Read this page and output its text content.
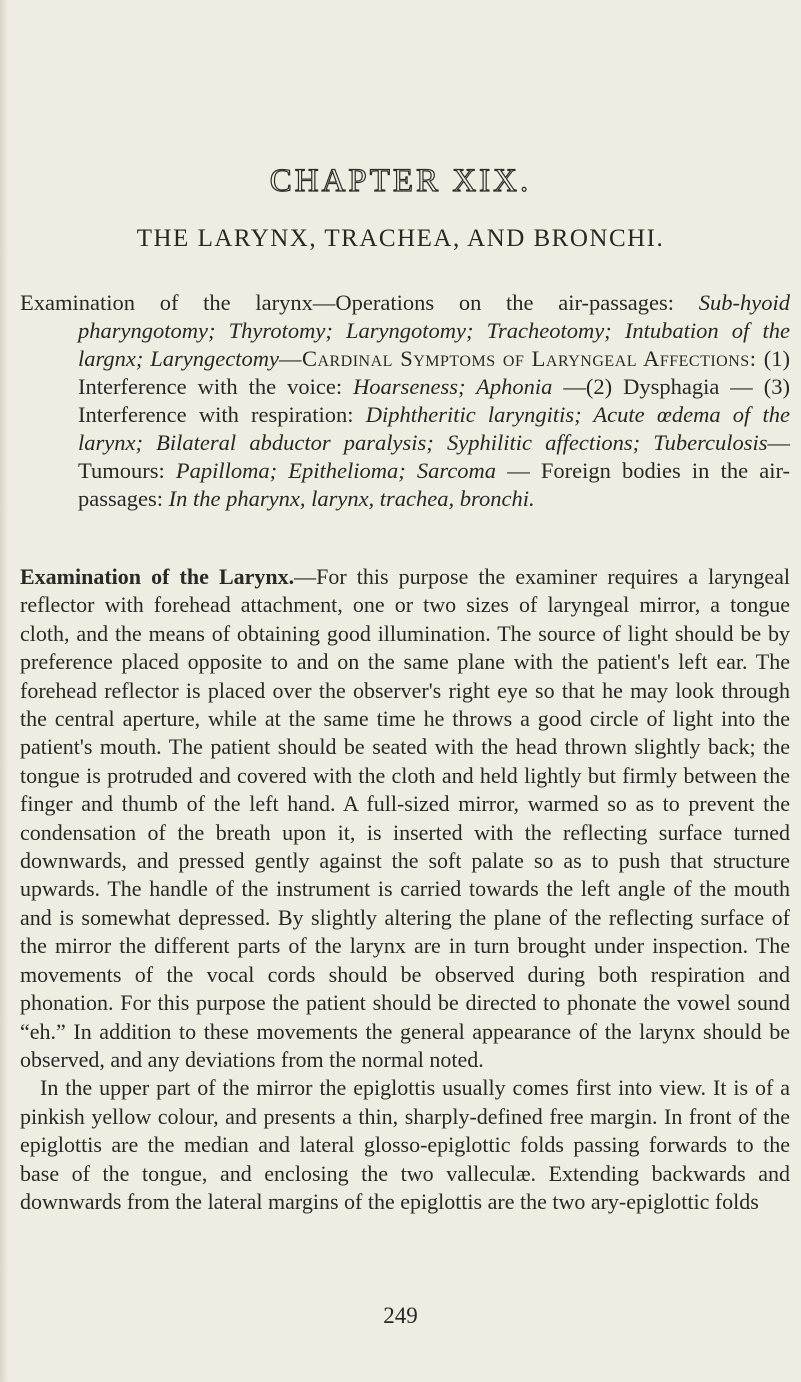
CHAPTER XIX.
THE LARYNX, TRACHEA, AND BRONCHI.
Examination of the larynx—Operations on the air-passages: Sub-hyoid pharyngotomy; Thyrotomy; Laryngotomy; Tracheotomy; Intubation of the largnx; Laryngectomy—Cardinal Symptoms of Laryngeal Affections: (1) Interference with the voice: Hoarseness; Aphonia —(2) Dysphagia — (3) Interference with respiration: Diphtheritic laryngitis; Acute œdema of the larynx; Bilateral abductor paralysis; Syphilitic affections; Tuberculosis—Tumours: Papilloma; Epithelioma; Sarcoma — Foreign bodies in the air-passages: In the pharynx, larynx, trachea, bronchi.

Examination of the Larynx.—For this purpose the examiner requires a laryngeal reflector with forehead attachment, one or two sizes of laryngeal mirror, a tongue cloth, and the means of obtaining good illumination. The source of light should be by preference placed opposite to and on the same plane with the patient's left ear. The forehead reflector is placed over the observer's right eye so that he may look through the central aperture, while at the same time he throws a good circle of light into the patient's mouth. The patient should be seated with the head thrown slightly back; the tongue is protruded and covered with the cloth and held lightly but firmly between the finger and thumb of the left hand. A full-sized mirror, warmed so as to prevent the condensation of the breath upon it, is inserted with the reflecting surface turned downwards, and pressed gently against the soft palate so as to push that structure upwards. The handle of the instrument is carried towards the left angle of the mouth and is somewhat depressed. By slightly altering the plane of the reflecting surface of the mirror the different parts of the larynx are in turn brought under inspection. The movements of the vocal cords should be observed during both respiration and phonation. For this purpose the patient should be directed to phonate the vowel sound “eh.” In addition to these movements the general appearance of the larynx should be observed, and any deviations from the normal noted.

In the upper part of the mirror the epiglottis usually comes first into view. It is of a pinkish yellow colour, and presents a thin, sharply-defined free margin. In front of the epiglottis are the median and lateral glosso-epiglottic folds passing forwards to the base of the tongue, and enclosing the two valleculæ. Extending backwards and downwards from the lateral margins of the epiglottis are the two ary-epiglottic folds

249
